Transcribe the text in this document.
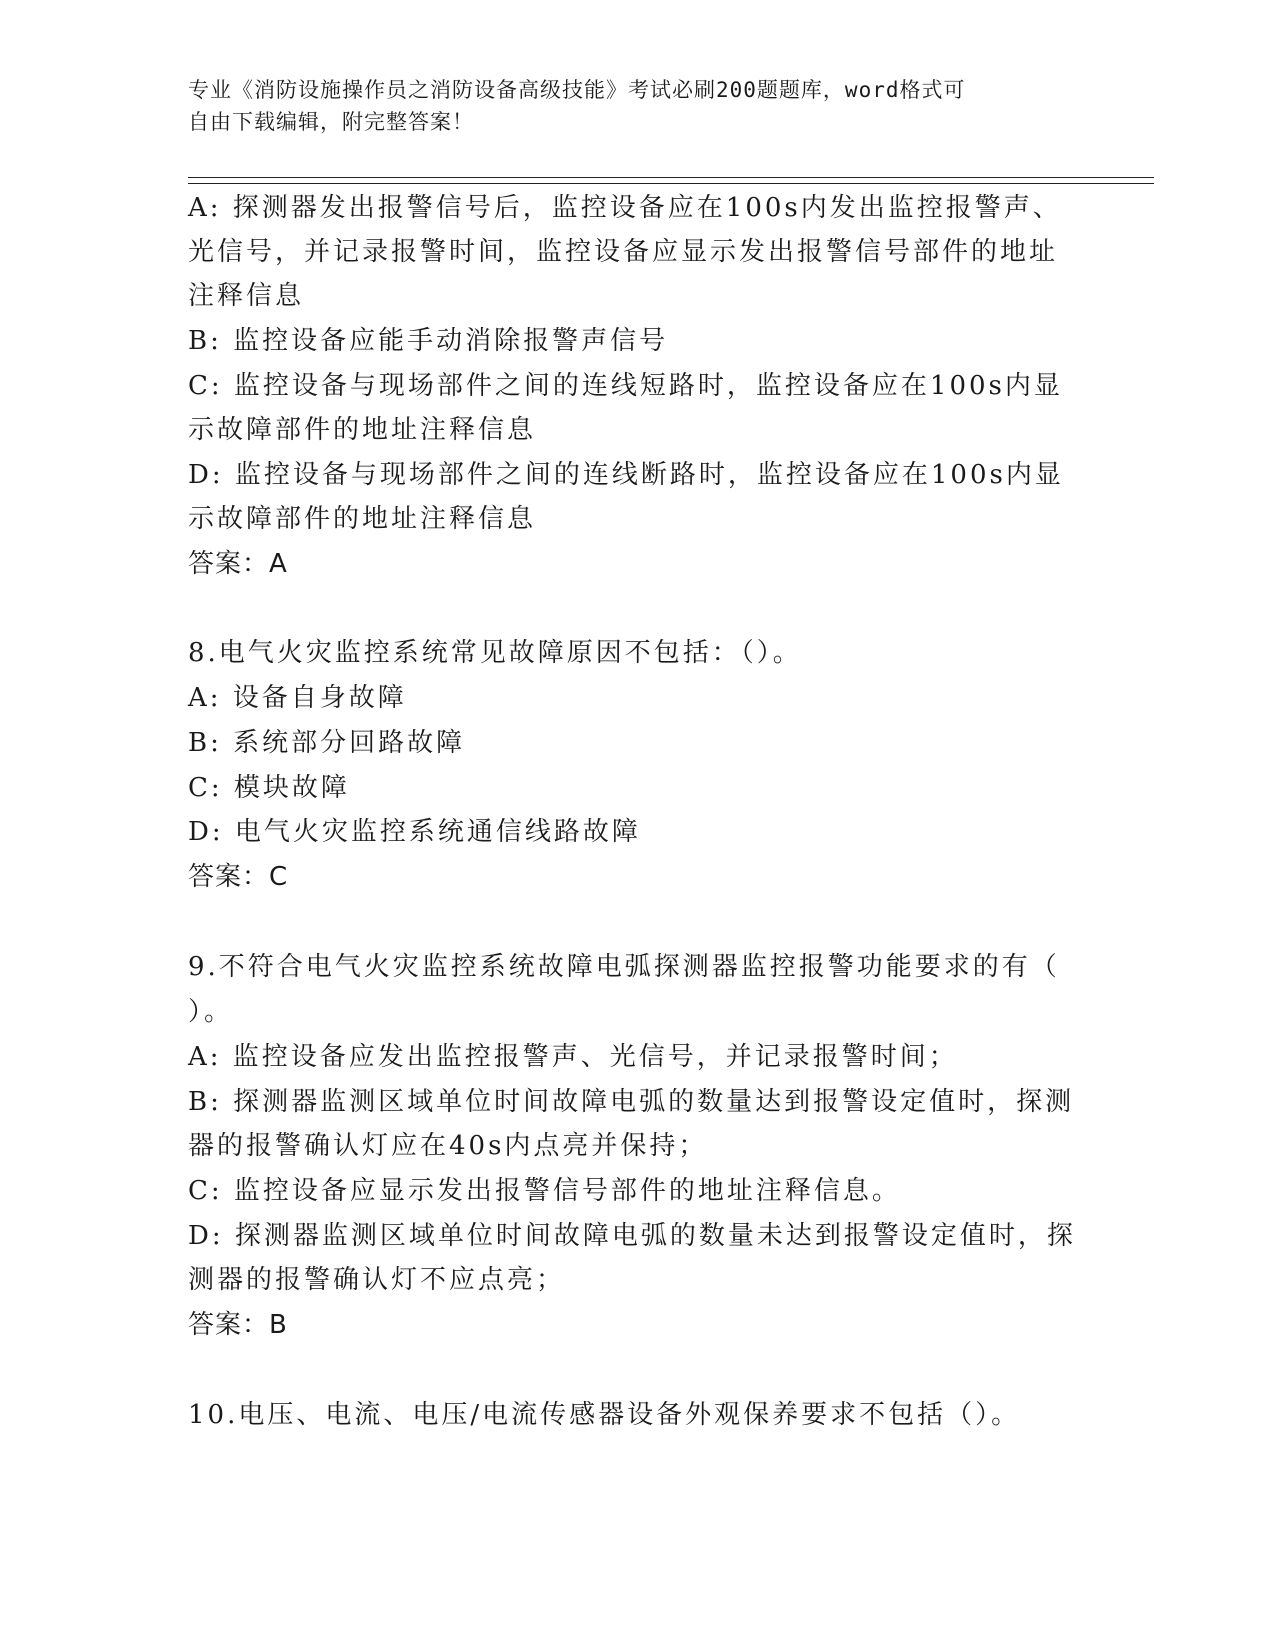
专业《消防设施操作员之消防设备高级技能》考试必刷200题题库，word格式可
自由下载编辑，附完整答案！
A: 探测器发出报警信号后，监控设备应在100s内发出监控报警声、
光信号，并记录报警时间，监控设备应显示发出报警信号部件的地址
注释信息
B: 监控设备应能手动消除报警声信号
C: 监控设备与现场部件之间的连线短路时，监控设备应在100s内显
示故障部件的地址注释信息
D: 监控设备与现场部件之间的连线断路时，监控设备应在100s内显
示故障部件的地址注释信息
答案：A
8.电气火灾监控系统常见故障原因不包括：（）。
A: 设备自身故障
B: 系统部分回路故障
C: 模块故障
D: 电气火灾监控系统通信线路故障
答案：C
9.不符合电气火灾监控系统故障电弧探测器监控报警功能要求的有（
）。
A: 监控设备应发出监控报警声、光信号，并记录报警时间；
B: 探测器监测区域单位时间故障电弧的数量达到报警设定值时，探测
器的报警确认灯应在40s内点亮并保持；
C: 监控设备应显示发出报警信号部件的地址注释信息。
D: 探测器监测区域单位时间故障电弧的数量未达到报警设定值时，探
测器的报警确认灯不应点亮；
答案：B
10.电压、电流、电压/电流传感器设备外观保养要求不包括（）。
